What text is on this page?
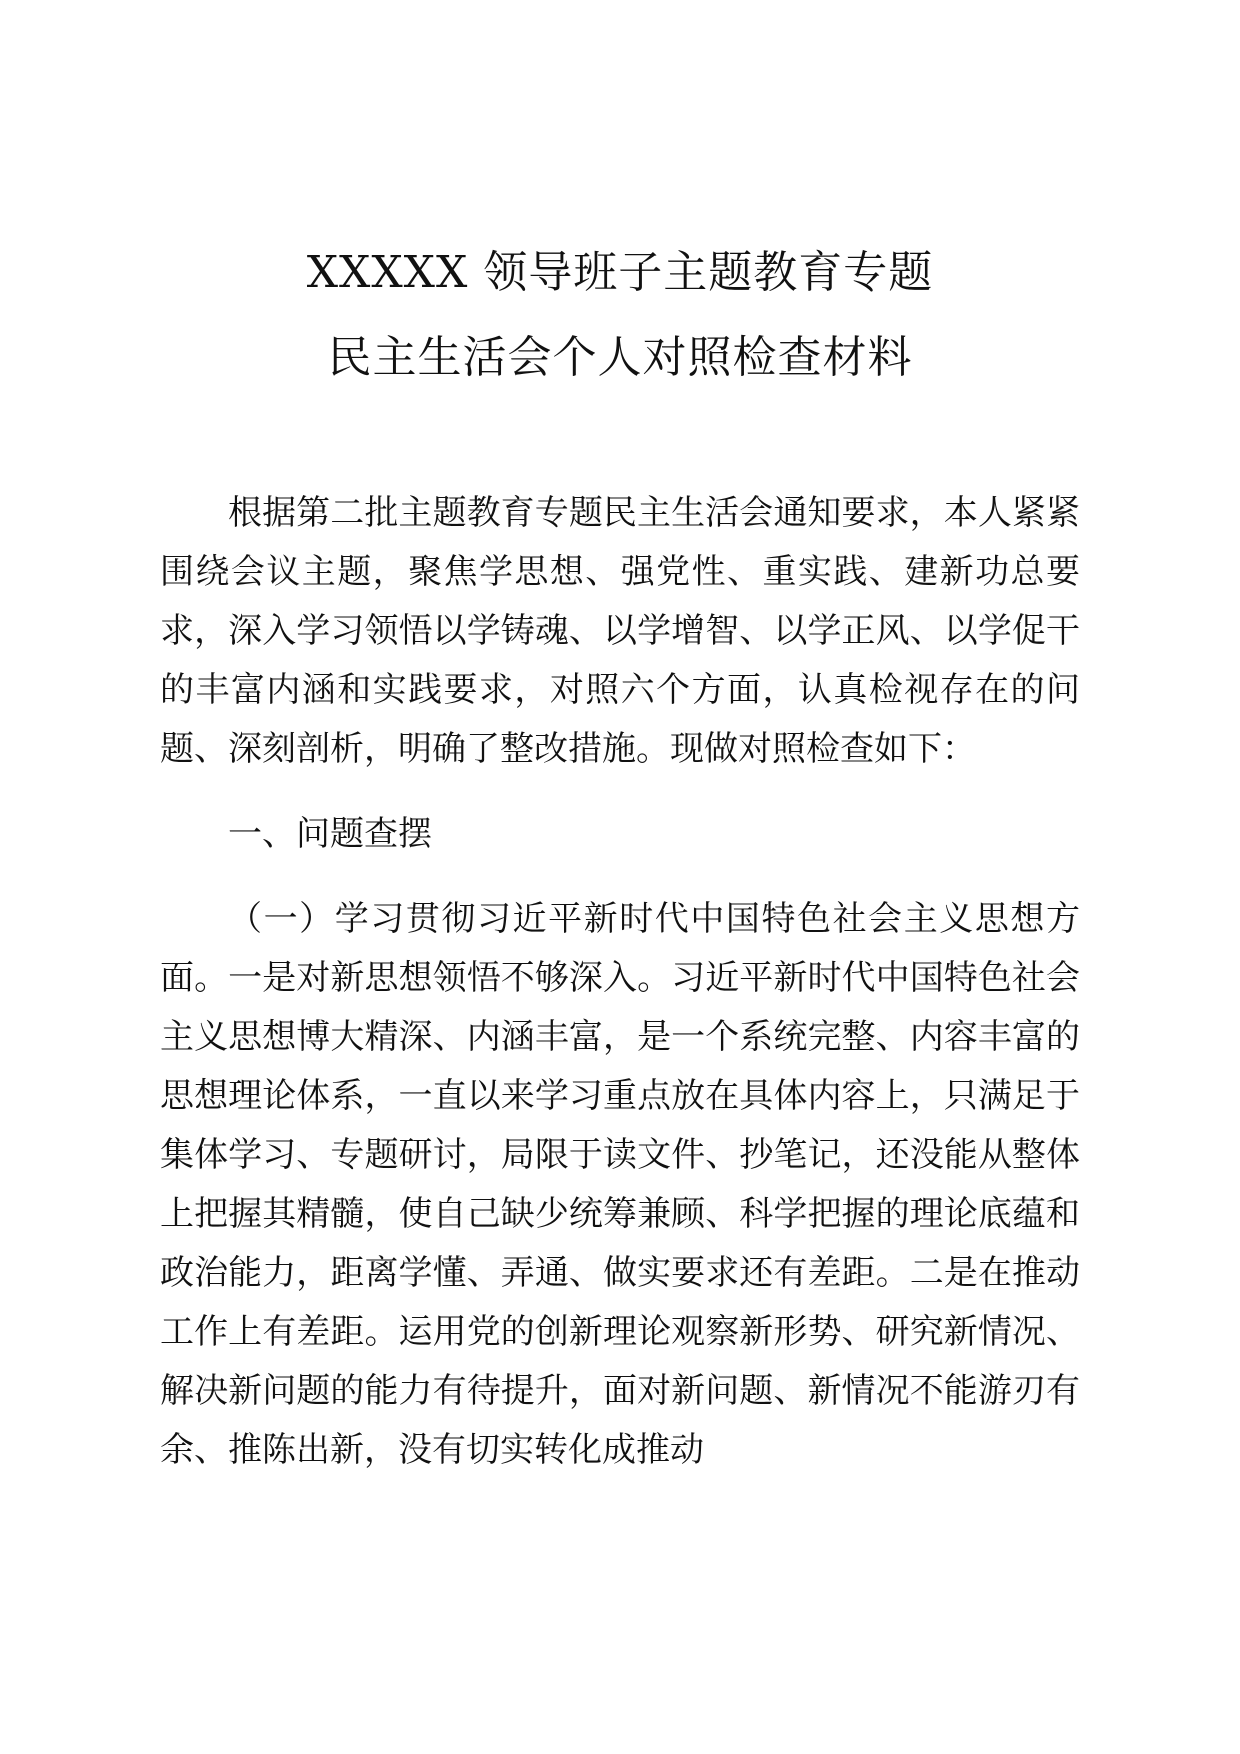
XXXXX 领导班子主题教育专题
民主生活会个人对照检查材料

根据第二批主题教育专题民主生活会通知要求，本人紧紧围绕会议主题，聚焦学思想、强党性、重实践、建新功总要求，深入学习领悟以学铸魂、以学增智、以学正风、以学促干的丰富内涵和实践要求，对照六个方面，认真检视存在的问题、深刻剖析，明确了整改措施。现做对照检查如下：

一、问题查摆

（一）学习贯彻习近平新时代中国特色社会主义思想方面。一是对新思想领悟不够深入。习近平新时代中国特色社会主义思想博大精深、内涵丰富，是一个系统完整、内容丰富的思想理论体系，一直以来学习重点放在具体内容上，只满足于集体学习、专题研讨，局限于读文件、抄笔记，还没能从整体上把握其精髓，使自己缺少统筹兼顾、科学把握的理论底蕴和政治能力，距离学懂、弄通、做实要求还有差距。二是在推动工作上有差距。运用党的创新理论观察新形势、研究新情况、解决新问题的能力有待提升，面对新问题、新情况不能游刃有余、推陈出新，没有切实转化成推动
